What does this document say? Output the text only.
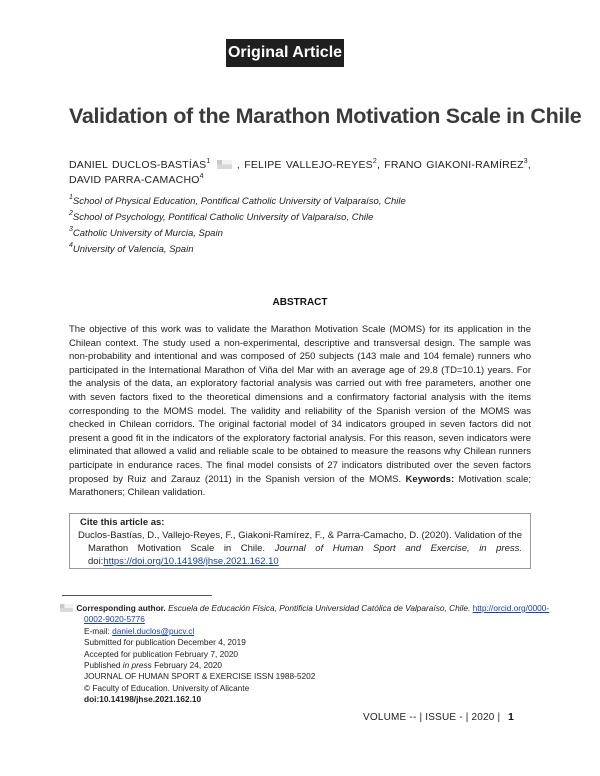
Original Article
Validation of the Marathon Motivation Scale in Chile
DANIEL DUCLOS-BASTÍAS$^1$  , FELIPE VALLEJO-REYES$^2$, FRANO GIAKONI-RAMÍREZ$^3$, DAVID PARRA-CAMACHO$^4$
$^1$School of Physical Education, Pontifical Catholic University of Valparaíso, Chile
$^2$School of Psychology, Pontifical Catholic University of Valparaíso, Chile
$^3$Catholic University of Murcia, Spain
$^4$University of Valencia, Spain
ABSTRACT
The objective of this work was to validate the Marathon Motivation Scale (MOMS) for its application in the Chilean context. The study used a non-experimental, descriptive and transversal design. The sample was non-probability and intentional and was composed of 250 subjects (143 male and 104 female) runners who participated in the International Marathon of Viña del Mar with an average age of 29.8 (TD=10.1) years. For the analysis of the data, an exploratory factorial analysis was carried out with free parameters, another one with seven factors fixed to the theoretical dimensions and a confirmatory factorial analysis with the items corresponding to the MOMS model. The validity and reliability of the Spanish version of the MOMS was checked in Chilean corridors. The original factorial model of 34 indicators grouped in seven factors did not present a good fit in the indicators of the exploratory factorial analysis. For this reason, seven indicators were eliminated that allowed a valid and reliable scale to be obtained to measure the reasons why Chilean runners participate in endurance races. The final model consists of 27 indicators distributed over the seven factors proposed by Ruiz and Zarauz (2011) in the Spanish version of the MOMS. Keywords: Motivation scale; Marathoners; Chilean validation.
Cite this article as:
Duclos-Bastías, D., Vallejo-Reyes, F., Giakoni-Ramírez, F., & Parra-Camacho, D. (2020). Validation of the Marathon Motivation Scale in Chile. Journal of Human Sport and Exercise, in press. doi:https://doi.org/10.14198/jhse.2021.162.10
Corresponding author. Escuela de Educación Física, Pontificia Universidad Católica de Valparaíso, Chile. http://orcid.org/0000-
0002-9020-5776
E-mail: daniel.duclos@pucv.cl
Submitted for publication December 4, 2019
Accepted for publication February 7, 2020
Published in press February 24, 2020
JOURNAL OF HUMAN SPORT & EXERCISE ISSN 1988-5202
© Faculty of Education. University of Alicante
doi:10.14198/jhse.2021.162.10
VOLUME -- | ISSUE - | 2020 | 1
